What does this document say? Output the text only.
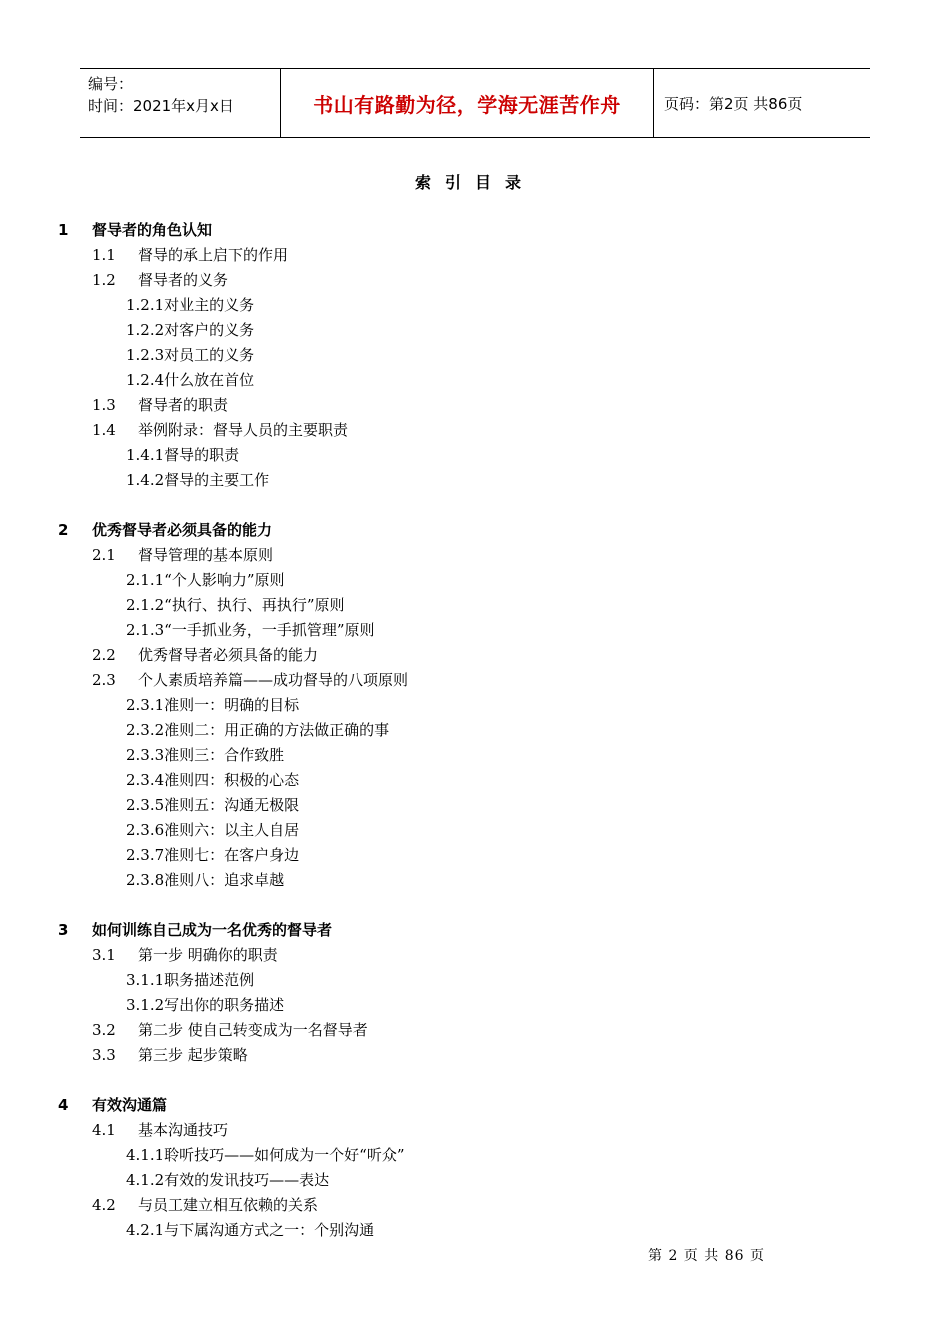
编号：
时间：2021年x月x日	书山有路勤为径，学海无涯苦作舟	页码：第2页 共86页
索引目录
1 督导者的角色认知
1.1 督导的承上启下的作用
1.2 督导者的义务
1.2.1对业主的义务
1.2.2对客户的义务
1.2.3对员工的义务
1.2.4什么放在首位
1.3 督导者的职责
1.4 举例附录：督导人员的主要职责
1.4.1督导的职责
1.4.2督导的主要工作
2 优秀督导者必须具备的能力
2.1 督导管理的基本原则
2.1.1“个人影响力”原则
2.1.2“执行、执行、再执行”原则
2.1.3“一手抓业务，一手抓管理”原则
2.2 优秀督导者必须具备的能力
2.3 个人素质培养篇——成功督导的八项原则
2.3.1准则一：明确的目标
2.3.2准则二：用正确的方法做正确的事
2.3.3准则三：合作致胜
2.3.4准则四：积极的心态
2.3.5准则五：沟通无极限
2.3.6准则六：以主人自居
2.3.7准则七：在客户身边
2.3.8准则八：追求卓越
3 如何训练自己成为一名优秀的督导者
3.1 第一步 明确你的职责
3.1.1职务描述范例
3.1.2写出你的职务描述
3.2 第二步 使自己转变成为一名督导者
3.3 第三步 起步策略
4 有效沟通篇
4.1 基本沟通技巧
4.1.1聆听技巧——如何成为一个好“听众”
4.1.2有效的发讯技巧——表达
4.2 与员工建立相互依赖的关系
4.2.1与下属沟通方式之一：个别沟通
第 2 页 共 86 页
